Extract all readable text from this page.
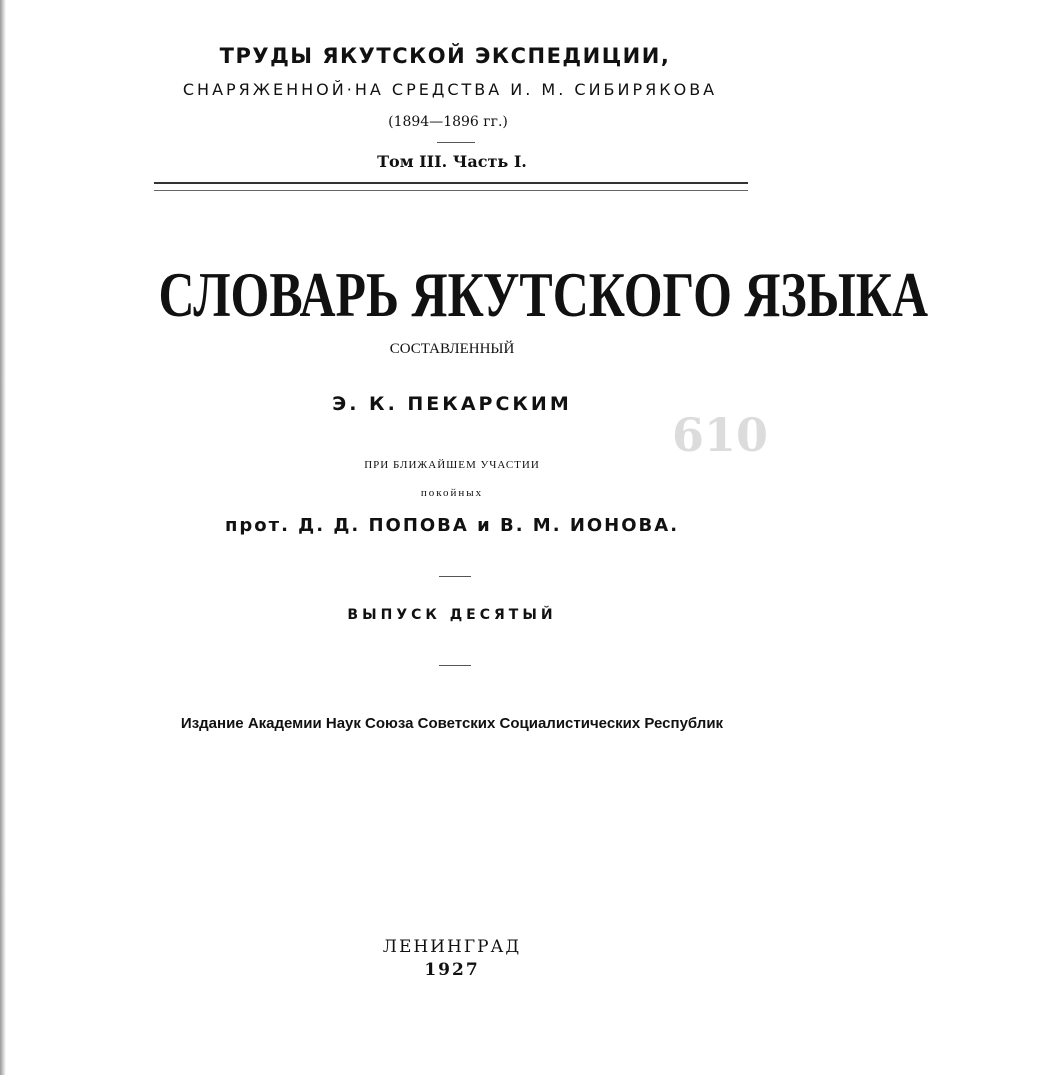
ТРУДЫ ЯКУТСКОЙ ЭКСПЕДИЦИИ,
СНАРЯЖЕННОЙ·НА СРЕДСТВА И. М. СИБИРЯКОВА
(1894—1896 гг.)
Том III. Часть I.
СЛОВАРЬ ЯКУТСКОГО ЯЗЫКА
СОСТАВЛЕННЫЙ
Э. К. ПЕКАРСКИМ
610
ПРИ БЛИЖАЙШЕМ УЧАСТИИ
покойных
прот. Д. Д. ПОПОВА и В. М. ИОНОВА.
ВЫПУСК ДЕСЯТЫЙ
Издание Академии Наук Союза Советских Социалистических Республик
ЛЕНИНГРАД
1927
